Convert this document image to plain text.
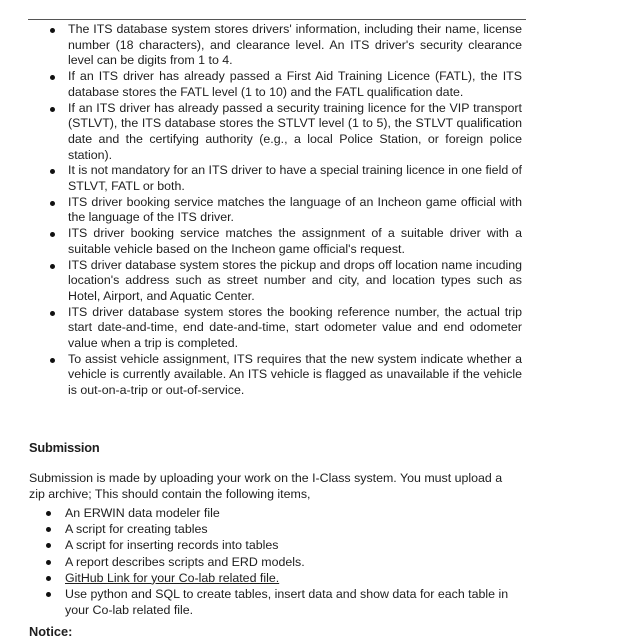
The ITS database system stores drivers' information, including their name, license number (18 characters), and clearance level. An ITS driver's security clearance level can be digits from 1 to 4.
If an ITS driver has already passed a First Aid Training Licence (FATL), the ITS database stores the FATL level (1 to 10) and the FATL qualification date.
If an ITS driver has already passed a security training licence for the VIP transport (STLVT), the ITS database stores the STLVT level (1 to 5), the STLVT qualification date and the certifying authority (e.g., a local Police Station, or foreign police station).
It is not mandatory for an ITS driver to have a special training licence in one field of STLVT, FATL or both.
ITS driver booking service matches the language of an Incheon game official with the language of the ITS driver.
ITS driver booking service matches the assignment of a suitable driver with a suitable vehicle based on the Incheon game official's request.
ITS driver database system stores the pickup and drops off location name incuding location's address such as street number and city, and location types such as Hotel, Airport, and Aquatic Center.
ITS driver database system stores the booking reference number, the actual trip start date-and-time, end date-and-time, start odometer value and end odometer value when a trip is completed.
To assist vehicle assignment, ITS requires that the new system indicate whether a vehicle is currently available. An ITS vehicle is flagged as unavailable if the vehicle is out-on-a-trip or out-of-service.
Submission

Submission is made by uploading your work on the I-Class system. You must upload a zip archive; This should contain the following items,

An ERWIN data modeler file
A script for creating tables
A script for inserting records into tables
A report describes scripts and ERD models.
GitHub Link for your Co-lab related file.
Use python and SQL to create tables, insert data and show data for each table in your Co-lab related file.
Notice:
